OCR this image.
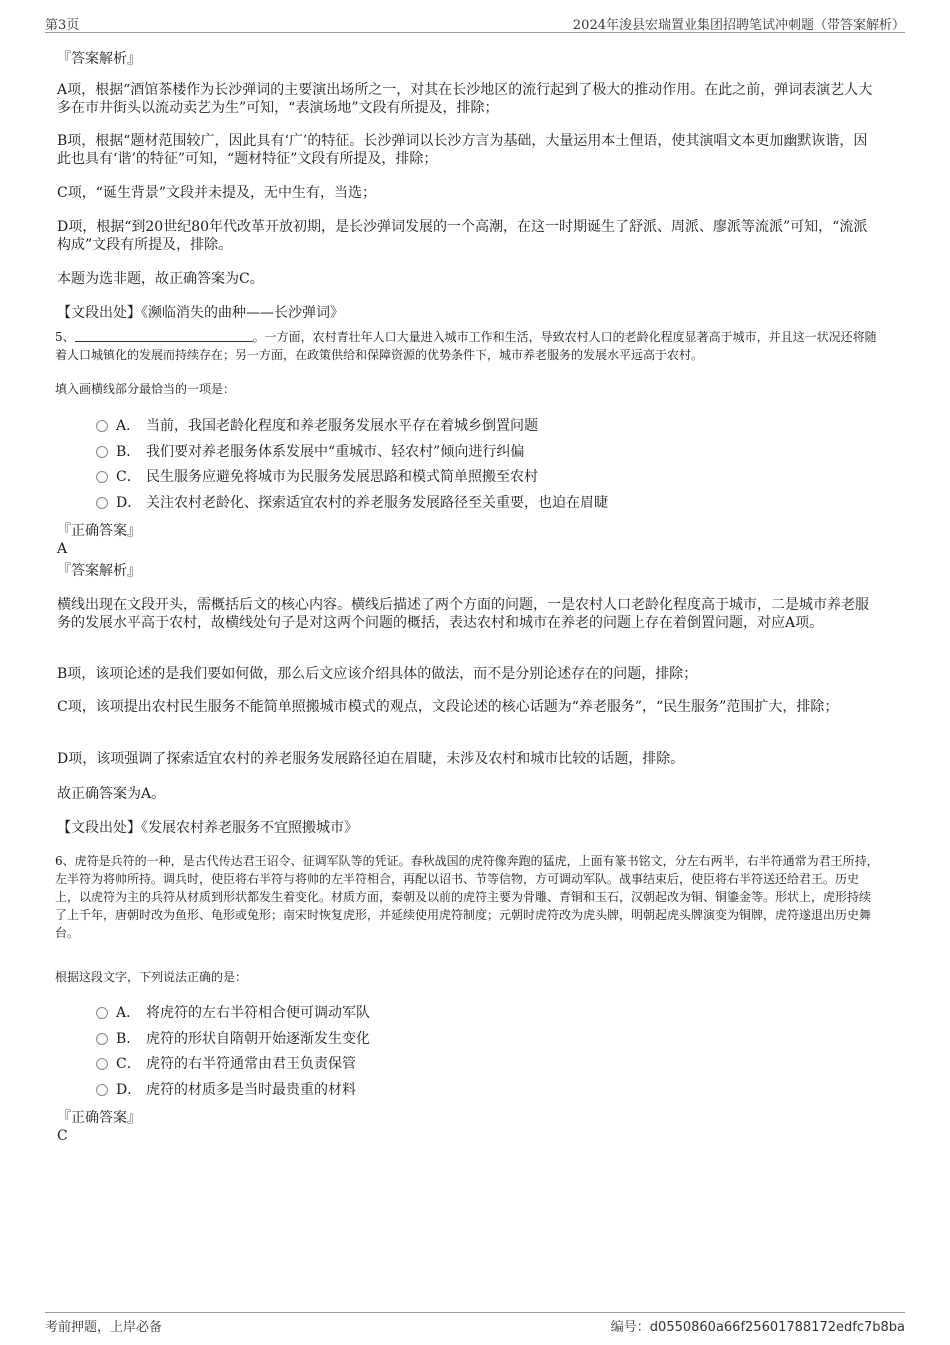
第3页	2024年浚县宏瑞置业集团招聘笔试冲刺题（带答案解析）

『答案解析』

A项，根据“酒馆茶楼作为长沙弹词的主要演出场所之一，对其在长沙地区的流行起到了极大的推动作用。在此之前，弹词表演艺人大多在市井街头以流动卖艺为生”可知，“表演场地”文段有所提及，排除；

B项，根据“题材范围较广，因此具有‘广’的特征。长沙弹词以长沙方言为基础，大量运用本土俚语，使其演唱文本更加幽默诙谐，因此也具有‘谐’的特征”可知，“题材特征”文段有所提及，排除；

C项，“诞生背景”文段并未提及，无中生有，当选；

D项，根据“到20世纪80年代改革开放初期，是长沙弹词发展的一个高潮，在这一时期诞生了舒派、周派、廖派等流派”可知，“流派构成”文段有所提及，排除。

本题为选非题，故正确答案为C。

【文段出处】《濒临消失的曲种——长沙弹词》

5、	。一方面，农村青壮年人口大量进入城市工作和生活，导致农村人口的老龄化程度显著高于城市，并且这一状况还将随着人口城镇化的发展而持续存在；另一方面，在政策供给和保障资源的优势条件下，城市养老服务的发展水平远高于农村。

填入画横线部分最恰当的一项是：

A． 当前，我国老龄化程度和养老服务发展水平存在着城乡倒置问题
B． 我们要对养老服务体系发展中“重城市、轻农村”倾向进行纠偏
C． 民生服务应避免将城市为民服务发展思路和模式简单照搬至农村
D． 关注农村老龄化、探索适宜农村的养老服务发展路径至关重要，也迫在眉睫

『正确答案』

A

『答案解析』

横线出现在文段开头，需概括后文的核心内容。横线后描述了两个方面的问题，一是农村人口老龄化程度高于城市，二是城市养老服务的发展水平高于农村，故横线处句子是对这两个问题的概括，表达农村和城市在养老的问题上存在着倒置问题，对应A项。

B项，该项论述的是我们要如何做，那么后文应该介绍具体的做法，而不是分别论述存在的问题，排除；

C项，该项提出农村民生服务不能简单照搬城市模式的观点，文段论述的核心话题为“养老服务”，“民生服务”范围扩大，排除；

D项，该项强调了探索适宜农村的养老服务发展路径迫在眉睫，未涉及农村和城市比较的话题，排除。

故正确答案为A。

【文段出处】《发展农村养老服务不宜照搬城市》

6、虎符是兵符的一种，是古代传达君王诏令、征调军队等的凭证。春秋战国的虎符像奔跑的猛虎，上面有篆书铭文，分左右两半，右半符通常为君王所持，左半符为将帅所持。调兵时，使臣将右半符与将帅的左半符相合，再配以诏书、节等信物，方可调动军队。战事结束后，使臣将右半符送还给君王。历史上，以虎符为主的兵符从材质到形状都发生着变化。材质方面，秦朝及以前的虎符主要为骨雕、青铜和玉石，汉朝起改为铜、铜鎏金等。形状上，虎形持续了上千年，唐朝时改为鱼形、龟形或兔形；南宋时恢复虎形，并延续使用虎符制度；元朝时虎符改为虎头牌，明朝起虎头牌演变为铜牌，虎符遂退出历史舞台。

根据这段文字，下列说法正确的是：

A． 将虎符的左右半符相合便可调动军队
B． 虎符的形状自隋朝开始逐渐发生变化
C． 虎符的右半符通常由君王负责保管
D． 虎符的材质多是当时最贵重的材料

『正确答案』

C

考前押题，上岸必备	编号：d0550860a66f25601788172edfc7b8ba
